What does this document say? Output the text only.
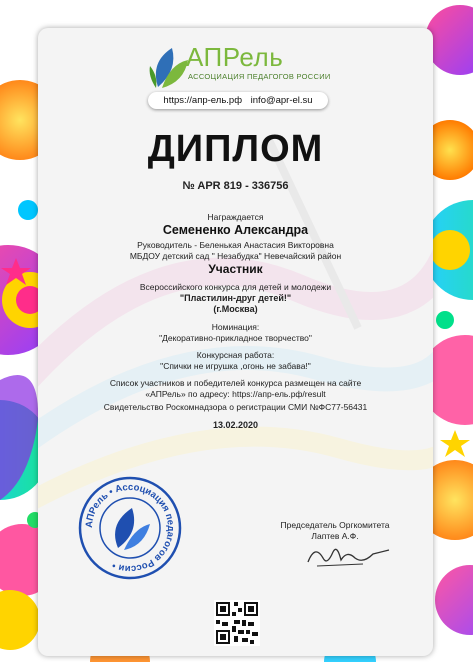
АПРель
АССОЦИАЦИЯ ПЕДАГОГОВ РОССИИ
https://апр-ель.рф info@apr-el.su
ДИПЛОМ
№ APR 819 - 336756
Награждается
Семененко Александра
Руководитель - Беленькая Анастасия Викторовна
МБДОУ детский сад " Незабудка" Невечайский район
Участник
Всероссийского конкурса для детей и молодежи
"Пластилин-друг детей!"
(г.Москва)
Номинация:
"Декоративно-прикладное творчество"
Конкурсная работа:
"Спички не игрушка ,огонь не забава!"
Список участников и победителей конкурса размещен на сайте
«АПРель» по адресу: https://апр-ель.рф/result
Свидетельство Роскомнадзора о регистрации СМИ №ФС77-56431
13.02.2020
АПРель • Ассоциация педагогов России •
Председатель Оргкомитета
Лаптев А.Ф.
